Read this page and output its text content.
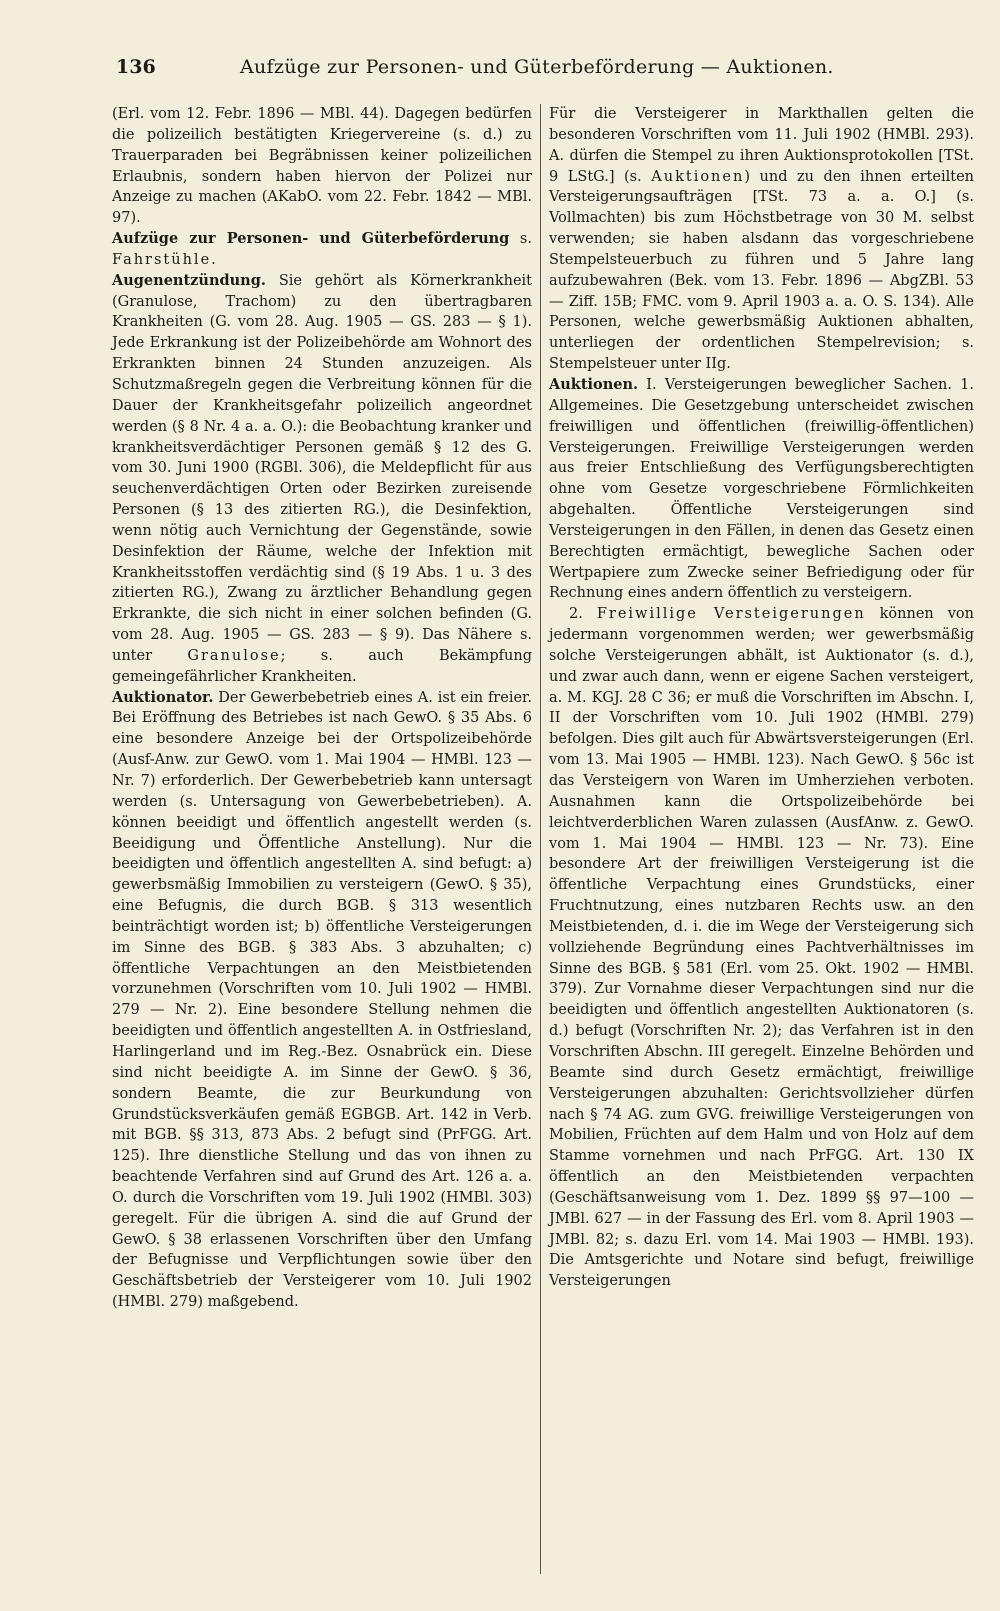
136	Aufzüge zur Personen- und Güterbeförderung — Auktionen.

(Erl. vom 12. Febr. 1896 — MBl. 44). Dagegen bedürfen die polizeilich bestätigten Kriegervereine (s. d.) zu Trauerparaden bei Begräbnissen keiner polizeilichen Erlaubnis, sondern haben hiervon der Polizei nur Anzeige zu machen (AKabO. vom 22. Febr. 1842 — MBl. 97).

Aufzüge zur Personen- und Güterbeförderung s. Fahrstühle.

Augenentzündung. Sie gehört als Körnerkrankheit (Granulose, Trachom) zu den übertragbaren Krankheiten (G. vom 28. Aug. 1905 — GS. 283 — § 1). Jede Erkrankung ist der Polizeibehörde am Wohnort des Erkrankten binnen 24 Stunden anzuzeigen. Als Schutzmaßregeln gegen die Verbreitung können für die Dauer der Krankheitsgefahr polizeilich angeordnet werden (§ 8 Nr. 4 a. a. O.): die Beobachtung kranker und krankheitsverdächtiger Personen gemäß § 12 des G. vom 30. Juni 1900 (RGBl. 306), die Meldepflicht für aus seuchenverdächtigen Orten oder Bezirken zureisende Personen (§ 13 des zitierten RG.), die Desinfektion, wenn nötig auch Vernichtung der Gegenstände, sowie Desinfektion der Räume, welche der Infektion mit Krankheitsstoffen verdächtig sind (§ 19 Abs. 1 u. 3 des zitierten RG.), Zwang zu ärztlicher Behandlung gegen Erkrankte, die sich nicht in einer solchen befinden (G. vom 28. Aug. 1905 — GS. 283 — § 9). Das Nähere s. unter Granulose; s. auch Bekämpfung gemeingefährlicher Krankheiten.

Auktionator. Der Gewerbebetrieb eines A. ist ein freier. Bei Eröffnung des Betriebes ist nach GewO. § 35 Abs. 6 eine besondere Anzeige bei der Ortspolizeibehörde (Ausf-Anw. zur GewO. vom 1. Mai 1904 — HMBl. 123 — Nr. 7) erforderlich. Der Gewerbebetrieb kann untersagt werden (s. Untersagung von Gewerbebetrieben). A. können beeidigt und öffentlich angestellt werden (s. Beeidigung und Öffentliche Anstellung). Nur die beeidigten und öffentlich angestellten A. sind befugt: a) gewerbsmäßig Immobilien zu versteigern (GewO. § 35), eine Befugnis, die durch BGB. § 313 wesentlich beinträchtigt worden ist; b) öffentliche Versteigerungen im Sinne des BGB. § 383 Abs. 3 abzuhalten; c) öffentliche Verpachtungen an den Meistbietenden vorzunehmen (Vorschriften vom 10. Juli 1902 — HMBl. 279 — Nr. 2). Eine besondere Stellung nehmen die beeidigten und öffentlich angestellten A. in Ostfriesland, Harlingerland und im Reg.-Bez. Osnabrück ein. Diese sind nicht beeidigte A. im Sinne der GewO. § 36, sondern Beamte, die zur Beurkundung von Grundstücksverkäufen gemäß EGBGB. Art. 142 in Verb. mit BGB. §§ 313, 873 Abs. 2 befugt sind (PrFGG. Art. 125). Ihre dienstliche Stellung und das von ihnen zu beachtende Verfahren sind auf Grund des Art. 126 a. a. O. durch die Vorschriften vom 19. Juli 1902 (HMBl. 303) geregelt. Für die übrigen A. sind die auf Grund der GewO. § 38 erlassenen Vorschriften über den Umfang der Befugnisse und Verpflichtungen sowie über den Geschäftsbetrieb der Versteigerer vom 10. Juli 1902 (HMBl. 279) maßgebend.

Für die Versteigerer in Markthallen gelten die besonderen Vorschriften vom 11. Juli 1902 (HMBl. 293). A. dürfen die Stempel zu ihren Auktionsprotokollen [TSt. 9 LStG.] (s. Auktionen) und zu den ihnen erteilten Versteigerungsaufträgen [TSt. 73 a. a. O.] (s. Vollmachten) bis zum Höchstbetrage von 30 M. selbst verwenden; sie haben alsdann das vorgeschriebene Stempelsteuerbuch zu führen und 5 Jahre lang aufzubewahren (Bek. vom 13. Febr. 1896 — AbgZBl. 53 — Ziff. 15B; FMC. vom 9. April 1903 a. a. O. S. 134). Alle Personen, welche gewerbsmäßig Auktionen abhalten, unterliegen der ordentlichen Stempelrevision; s. Stempelsteuer unter IIg.

Auktionen. I. Versteigerungen beweglicher Sachen. 1. Allgemeines. Die Gesetzgebung unterscheidet zwischen freiwilligen und öffentlichen (freiwillig-öffentlichen) Versteigerungen. Freiwillige Versteigerungen werden aus freier Entschließung des Verfügungsberechtigten ohne vom Gesetze vorgeschriebene Förmlichkeiten abgehalten. Öffentliche Versteigerungen sind Versteigerungen in den Fällen, in denen das Gesetz einen Berechtigten ermächtigt, bewegliche Sachen oder Wertpapiere zum Zwecke seiner Befriedigung oder für Rechnung eines andern öffentlich zu versteigern.

2. Freiwillige Versteigerungen können von jedermann vorgenommen werden; wer gewerbsmäßig solche Versteigerungen abhält, ist Auktionator (s. d.), und zwar auch dann, wenn er eigene Sachen versteigert, a. M. KGJ. 28 C 36; er muß die Vorschriften im Abschn. I, II der Vorschriften vom 10. Juli 1902 (HMBl. 279) befolgen. Dies gilt auch für Abwärtsversteigerungen (Erl. vom 13. Mai 1905 — HMBl. 123). Nach GewO. § 56c ist das Versteigern von Waren im Umherziehen verboten. Ausnahmen kann die Ortspolizeibehörde bei leichtverderblichen Waren zulassen (AusfAnw. z. GewO. vom 1. Mai 1904 — HMBl. 123 — Nr. 73). Eine besondere Art der freiwilligen Versteigerung ist die öffentliche Verpachtung eines Grundstücks, einer Fruchtnutzung, eines nutzbaren Rechts usw. an den Meistbietenden, d. i. die im Wege der Versteigerung sich vollziehende Begründung eines Pachtverhältnisses im Sinne des BGB. § 581 (Erl. vom 25. Okt. 1902 — HMBl. 379). Zur Vornahme dieser Verpachtungen sind nur die beeidigten und öffentlich angestellten Auktionatoren (s. d.) befugt (Vorschriften Nr. 2); das Verfahren ist in den Vorschriften Abschn. III geregelt. Einzelne Behörden und Beamte sind durch Gesetz ermächtigt, freiwillige Versteigerungen abzuhalten: Gerichtsvollzieher dürfen nach § 74 AG. zum GVG. freiwillige Versteigerungen von Mobilien, Früchten auf dem Halm und von Holz auf dem Stamme vornehmen und nach PrFGG. Art. 130 IX öffentlich an den Meistbietenden verpachten (Geschäftsanweisung vom 1. Dez. 1899 §§ 97—100 — JMBl. 627 — in der Fassung des Erl. vom 8. April 1903 — JMBl. 82; s. dazu Erl. vom 14. Mai 1903 — HMBl. 193). Die Amtsgerichte und Notare sind befugt, freiwillige Versteigerungen
